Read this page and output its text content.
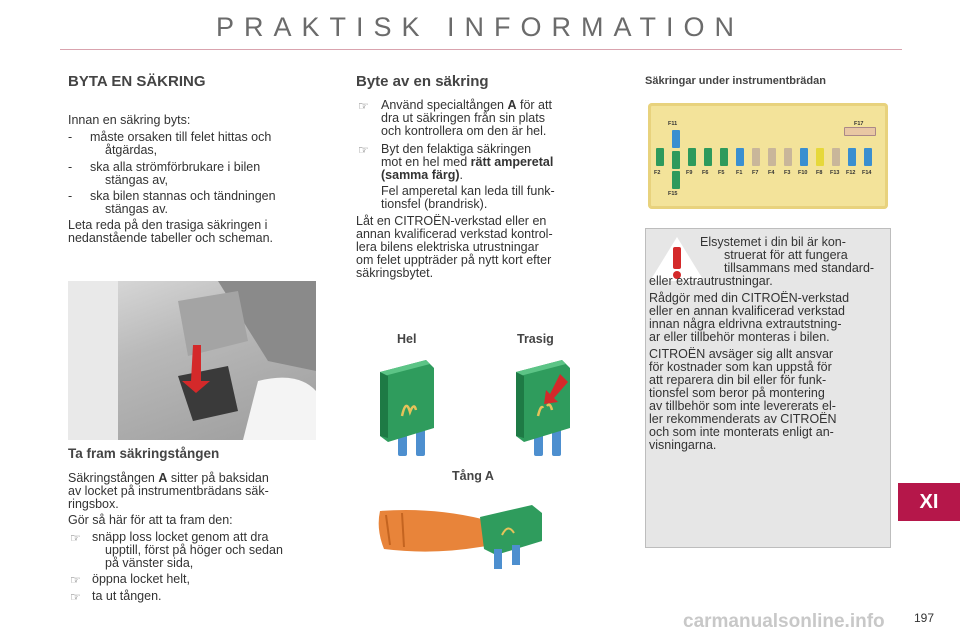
PRAKTISK INFORMATION
BYTA EN SÄKRING
Innan en säkring byts:
- måste orsaken till felet hittas och
åtgärdas,
- ska alla strömförbrukare i bilen
stängas av,
- ska bilen stannas och tändningen
stängas av.
Leta reda på den trasiga säkringen i
nedanstående tabeller och scheman.
Ta fram säkringstången
Säkringstången A sitter på baksidan
av locket på instrumentbrädans säk-
ringsbox.
Gör så här för att ta fram den:
☞ snäpp loss locket genom att dra
upptill, först på höger och sedan
på vänster sida,
☞ öppna locket helt,
☞ ta ut tången.
Byte av en säkring
☞ Använd specialtången A för att
dra ut säkringen från sin plats
och kontrollera om den är hel.
☞ Byt den felaktiga säkringen
mot en hel med rätt amperetal
(samma färg).
Fel amperetal kan leda till funk-
tionsfel (brandrisk).
Låt en CITROËN-verkstad eller en
annan kvalificerad verkstad kontrol-
lera bilens elektriska utrustningar
om felet uppträder på nytt kort efter
säkringsbytet.
Hel	Trasig
Tång A
Säkringar under instrumentbrädan
F11	F17
F2	F9 F6 F5 F1 F7 F4 F3 F10 F8 F13 F12 F14
F15
Elsystemet i din bil är kon-
struerat för att fungera
tillsammans med standard-
eller extrautrustningar.
Rådgör med din CITROËN-verkstad
eller en annan kvalificerad verkstad
innan några eldrivna extrautstning-
ar eller tillbehör monteras i bilen.
CITROËN avsäger sig allt ansvar
för kostnader som kan uppstå för
att reparera din bil eller för funk-
tionsfel som beror på montering
av tillbehör som inte levererats el-
ler rekommenderats av CITROËN
och som inte monterats enligt an-
visningarna.
XI
carmanualsonline.info 197
